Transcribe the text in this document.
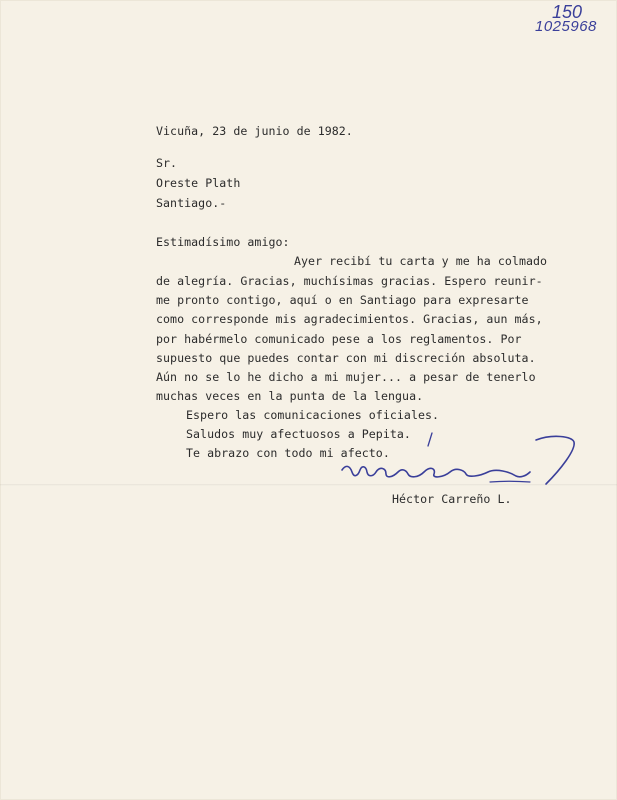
150
1025968
Vicuña, 23 de junio de 1982.
Sr.
Oreste Plath
Santiago.-
Estimadísimo amigo:
Ayer recibí tu carta y me ha colmado
de alegría. Gracias, muchísimas gracias. Espero reunir-
me pronto contigo, aquí o en Santiago para expresarte
como corresponde mis agradecimientos. Gracias, aun más,
por habérmelo comunicado pese a los reglamentos. Por
supuesto que puedes contar con mi discreción absoluta.
Aún no se lo he dicho a mi mujer... a pesar de tenerlo
muchas veces en la punta de la lengua.
Espero las comunicaciones oficiales.
Saludos muy afectuosos a Pepita.
Te abrazo con todo mi afecto.
Héctor Carreño L.
